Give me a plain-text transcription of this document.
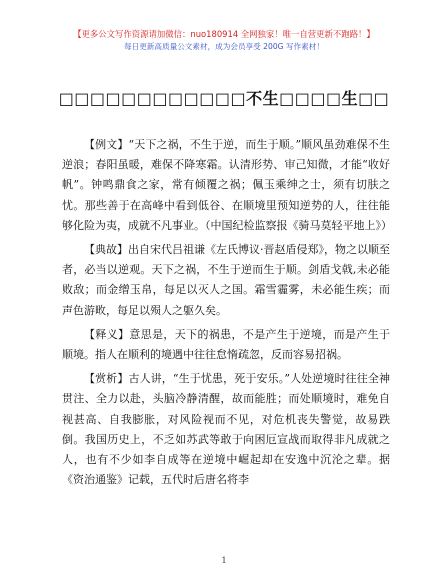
【更多公文写作资源请加微信：nuo180914 全网独家！唯一自营更新不跑路！】
每日更新高质量公文素材，成为会员享受 200G 写作素材！
□□□□□□□□□□□□不生□□□□生□□

【例文】“天下之祸，不生于逆，而生于顺。”顺风虽劲难保不生逆浪；春阳虽暖，难保不降寒霜。认清形势、审己知微，才能“收好帆”。钟鸣鼎食之家，常有倾覆之祸；佩玉乘绅之士，须有切肤之忧。那些善于在高峰中看到低谷、在顺境里预知逆势的人，往往能够化险为夷，成就不凡事业。（中国纪检监察报《骑马莫轻平地上》）

【典故】出自宋代吕祖谦《左氏博议·晋赵盾侵郑》，物之以顺至者，必当以逆观。天下之祸，不生于逆而生于顺。剑盾戈戟,未必能败敌；而金缯玉帛，每足以灭人之国。霜雪霾雾，未必能生疾；而声色游畋，每足以殒人之躯久矣。

【释义】意思是，天下的祸患，不是产生于逆境，而是产生于顺境。指人在顺利的境遇中往往怠惰疏忽，反而容易招祸。

【赏析】古人讲，“生于忧患，死于安乐。”人处逆境时往往全神贯注、全力以赴，头脑冷静清醒，故而能胜；而处顺境时，难免自视甚高、自我膨胀，对风险视而不见，对危机丧失警觉，故易跌倒。我国历史上，不乏如苏武等敢于向困厄宣战而取得非凡成就之人，也有不少如李自成等在逆境中崛起却在安逸中沉沦之辈。据《资治通鉴》记载，五代时后唐名将李

1
